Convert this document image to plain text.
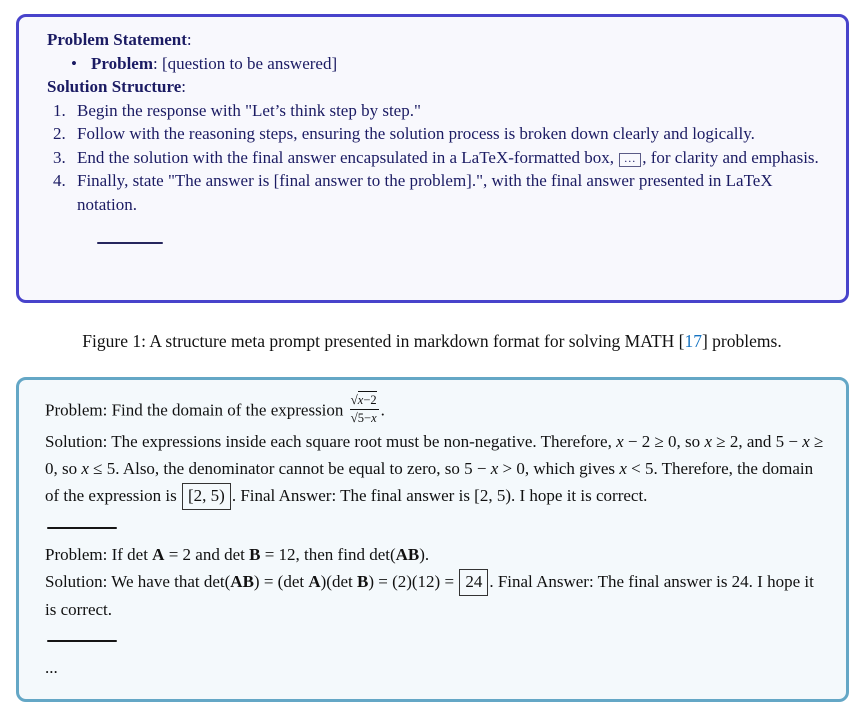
Problem Statement:
• Problem: [question to be answered]
Solution Structure:
1. Begin the response with "Let’s think step by step."
2. Follow with the reasoning steps, ensuring the solution process is broken down clearly and logically.
3. End the solution with the final answer encapsulated in a LaTeX-formatted box, ... , for clarity and emphasis.
4. Finally, state "The answer is [final answer to the problem].", with the final answer presented in LaTeX notation.
Figure 1: A structure meta prompt presented in markdown format for solving MATH [17] problems.
Problem: Find the domain of the expression $\frac{√x-2}{√5-x}$ .
Solution: The expressions inside each square root must be non-negative. Therefore, x − 2 ≥ 0, so x ≥ 2, and 5 − x ≥ 0, so x ≤ 5. Also, the denominator cannot be equal to zero, so 5 − x > 0, which gives x < 5. Therefore, the domain of the expression is [2, 5) . Final Answer: The final answer is [2, 5). I hope it is correct.
Problem: If det A = 2 and det B = 12, then find det(AB).
Solution: We have that det(AB) = (det A)(det B) = (2)(12) = 24 . Final Answer: The final answer is 24. I hope it is correct.
...
